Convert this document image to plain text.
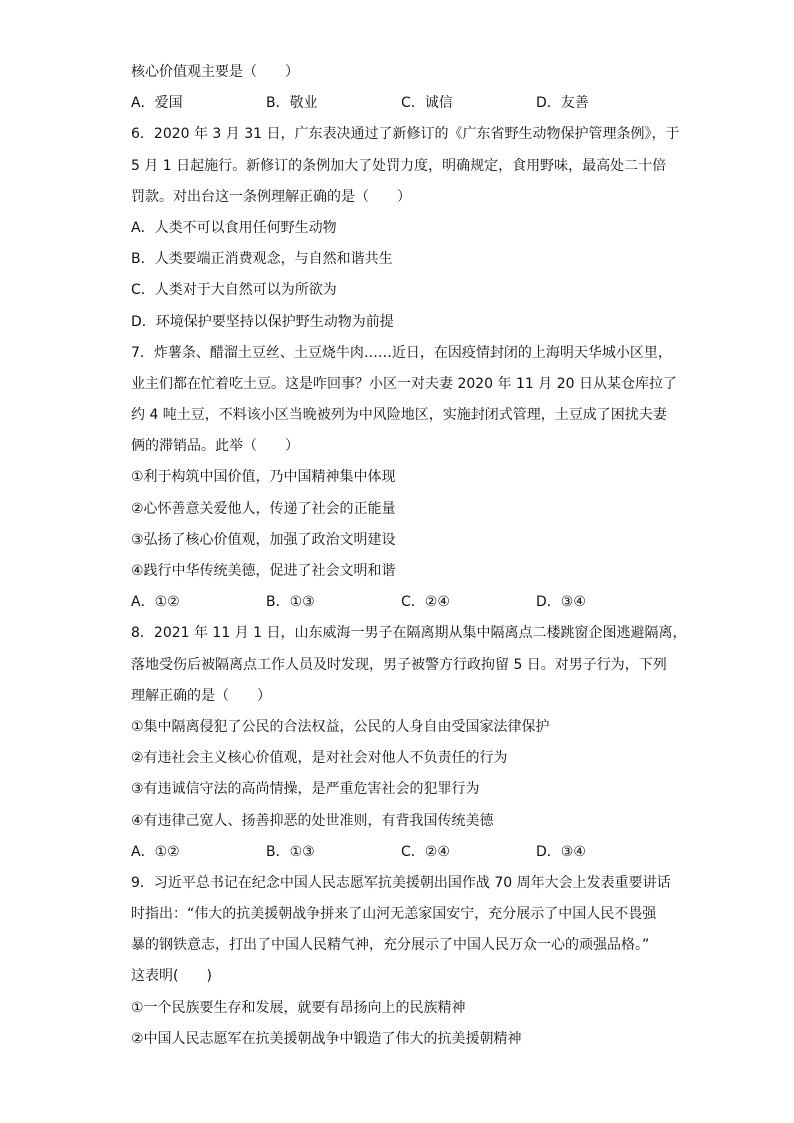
核心价值观主要是（　　）
A．爱国	B．敬业	C．诚信	D．友善
6．2020 年 3 月 31 日，广东表决通过了新修订的《广东省野生动物保护管理条例》，于
5 月 1 日起施行。新修订的条例加大了处罚力度，明确规定，食用野味，最高处二十倍
罚款。对出台这一条例理解正确的是（　　）
A．人类不可以食用任何野生动物
B．人类要端正消费观念，与自然和谐共生
C．人类对于大自然可以为所欲为
D．环境保护要坚持以保护野生动物为前提
7．炸薯条、醋溜土豆丝、土豆烧牛肉……近日，在因疫情封闭的上海明天华城小区里，
业主们都在忙着吃土豆。这是咋回事？小区一对夫妻 2020 年 11 月 20 日从某仓库拉了
约 4 吨土豆，不料该小区当晚被列为中风险地区，实施封闭式管理，土豆成了困扰夫妻
俩的滞销品。此举（　　）
①利于构筑中国价值，乃中国精神集中体现
②心怀善意关爱他人，传递了社会的正能量
③弘扬了核心价值观，加强了政治文明建设
④践行中华传统美德，促进了社会文明和谐
A．①②	B．①③	C．②④	D．③④
8．2021 年 11 月 1 日，山东威海一男子在隔离期从集中隔离点二楼跳窗企图逃避隔离，
落地受伤后被隔离点工作人员及时发现，男子被警方行政拘留 5 日。对男子行为，下列
理解正确的是（　　）
①集中隔离侵犯了公民的合法权益，公民的人身自由受国家法律保护
②有违社会主义核心价值观，是对社会对他人不负责任的行为
③有违诚信守法的高尚情操，是严重危害社会的犯罪行为
④有违律己宽人、扬善抑恶的处世准则，有背我国传统美德
A．①②	B．①③	C．②④	D．③④
9．习近平总书记在纪念中国人民志愿军抗美援朝出国作战 70 周年大会上发表重要讲话
时指出：“伟大的抗美援朝战争拼来了山河无恙家国安宁，充分展示了中国人民不畏强
暴的钢铁意志，打出了中国人民精气神，充分展示了中国人民万众一心的顽强品格。”
这表明(　　)
①一个民族要生存和发展，就要有昂扬向上的民族精神
②中国人民志愿军在抗美援朝战争中锻造了伟大的抗美援朝精神
